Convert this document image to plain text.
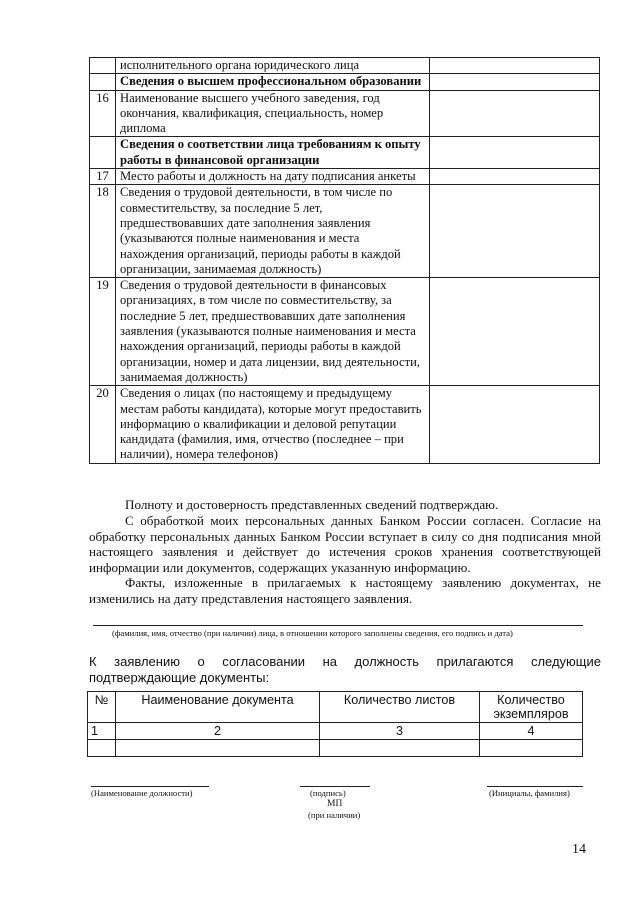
	исполнительного органа юридического лица	
	Сведения о высшем профессиональном образовании	
16	Наименование высшего учебного заведения, год окончания, квалификация, специальность, номер диплома	
	Сведения о соответствии лица требованиям к опыту работы в финансовой организации	
17	Место работы и должность на дату подписания анкеты	
18	Сведения о трудовой деятельности, в том числе по совместительству, за последние 5 лет, предшествовавших дате заполнения заявления (указываются полные наименования и места нахождения организаций, периоды работы в каждой организации, занимаемая должность)	
19	Сведения о трудовой деятельности в финансовых организациях, в том числе по совместительству, за последние 5 лет, предшествовавших дате заполнения заявления (указываются полные наименования и места нахождения организаций, периоды работы в каждой организации, номер и дата лицензии, вид деятельности, занимаемая должность)	
20	Сведения о лицах (по настоящему и предыдущему местам работы кандидата), которые могут предоставить информацию о квалификации и деловой репутации кандидата (фамилия, имя, отчество (последнее – при наличии), номера телефонов)	
Полноту и достоверность представленных сведений подтверждаю.
С обработкой моих персональных данных Банком России согласен. Согласие на обработку персональных данных Банком России вступает в силу со дня подписания мной настоящего заявления и действует до истечения сроков хранения соответствующей информации или документов, содержащих указанную информацию.
Факты, изложенные в прилагаемых к настоящему заявлению документах, не изменились на дату представления настоящего заявления.
(фамилия, имя, отчество (при наличии) лица, в отношении которого заполнены сведения, его подпись и дата)
К заявлению о согласовании на должность прилагаются следующие подтверждающие документы:
№	Наименование документа	Количество листов	Количество экземпляров
1	2	3	4

(Наименование должности)	(подпись)
МП
(при наличии)
(Инициалы, фамилия)
14
